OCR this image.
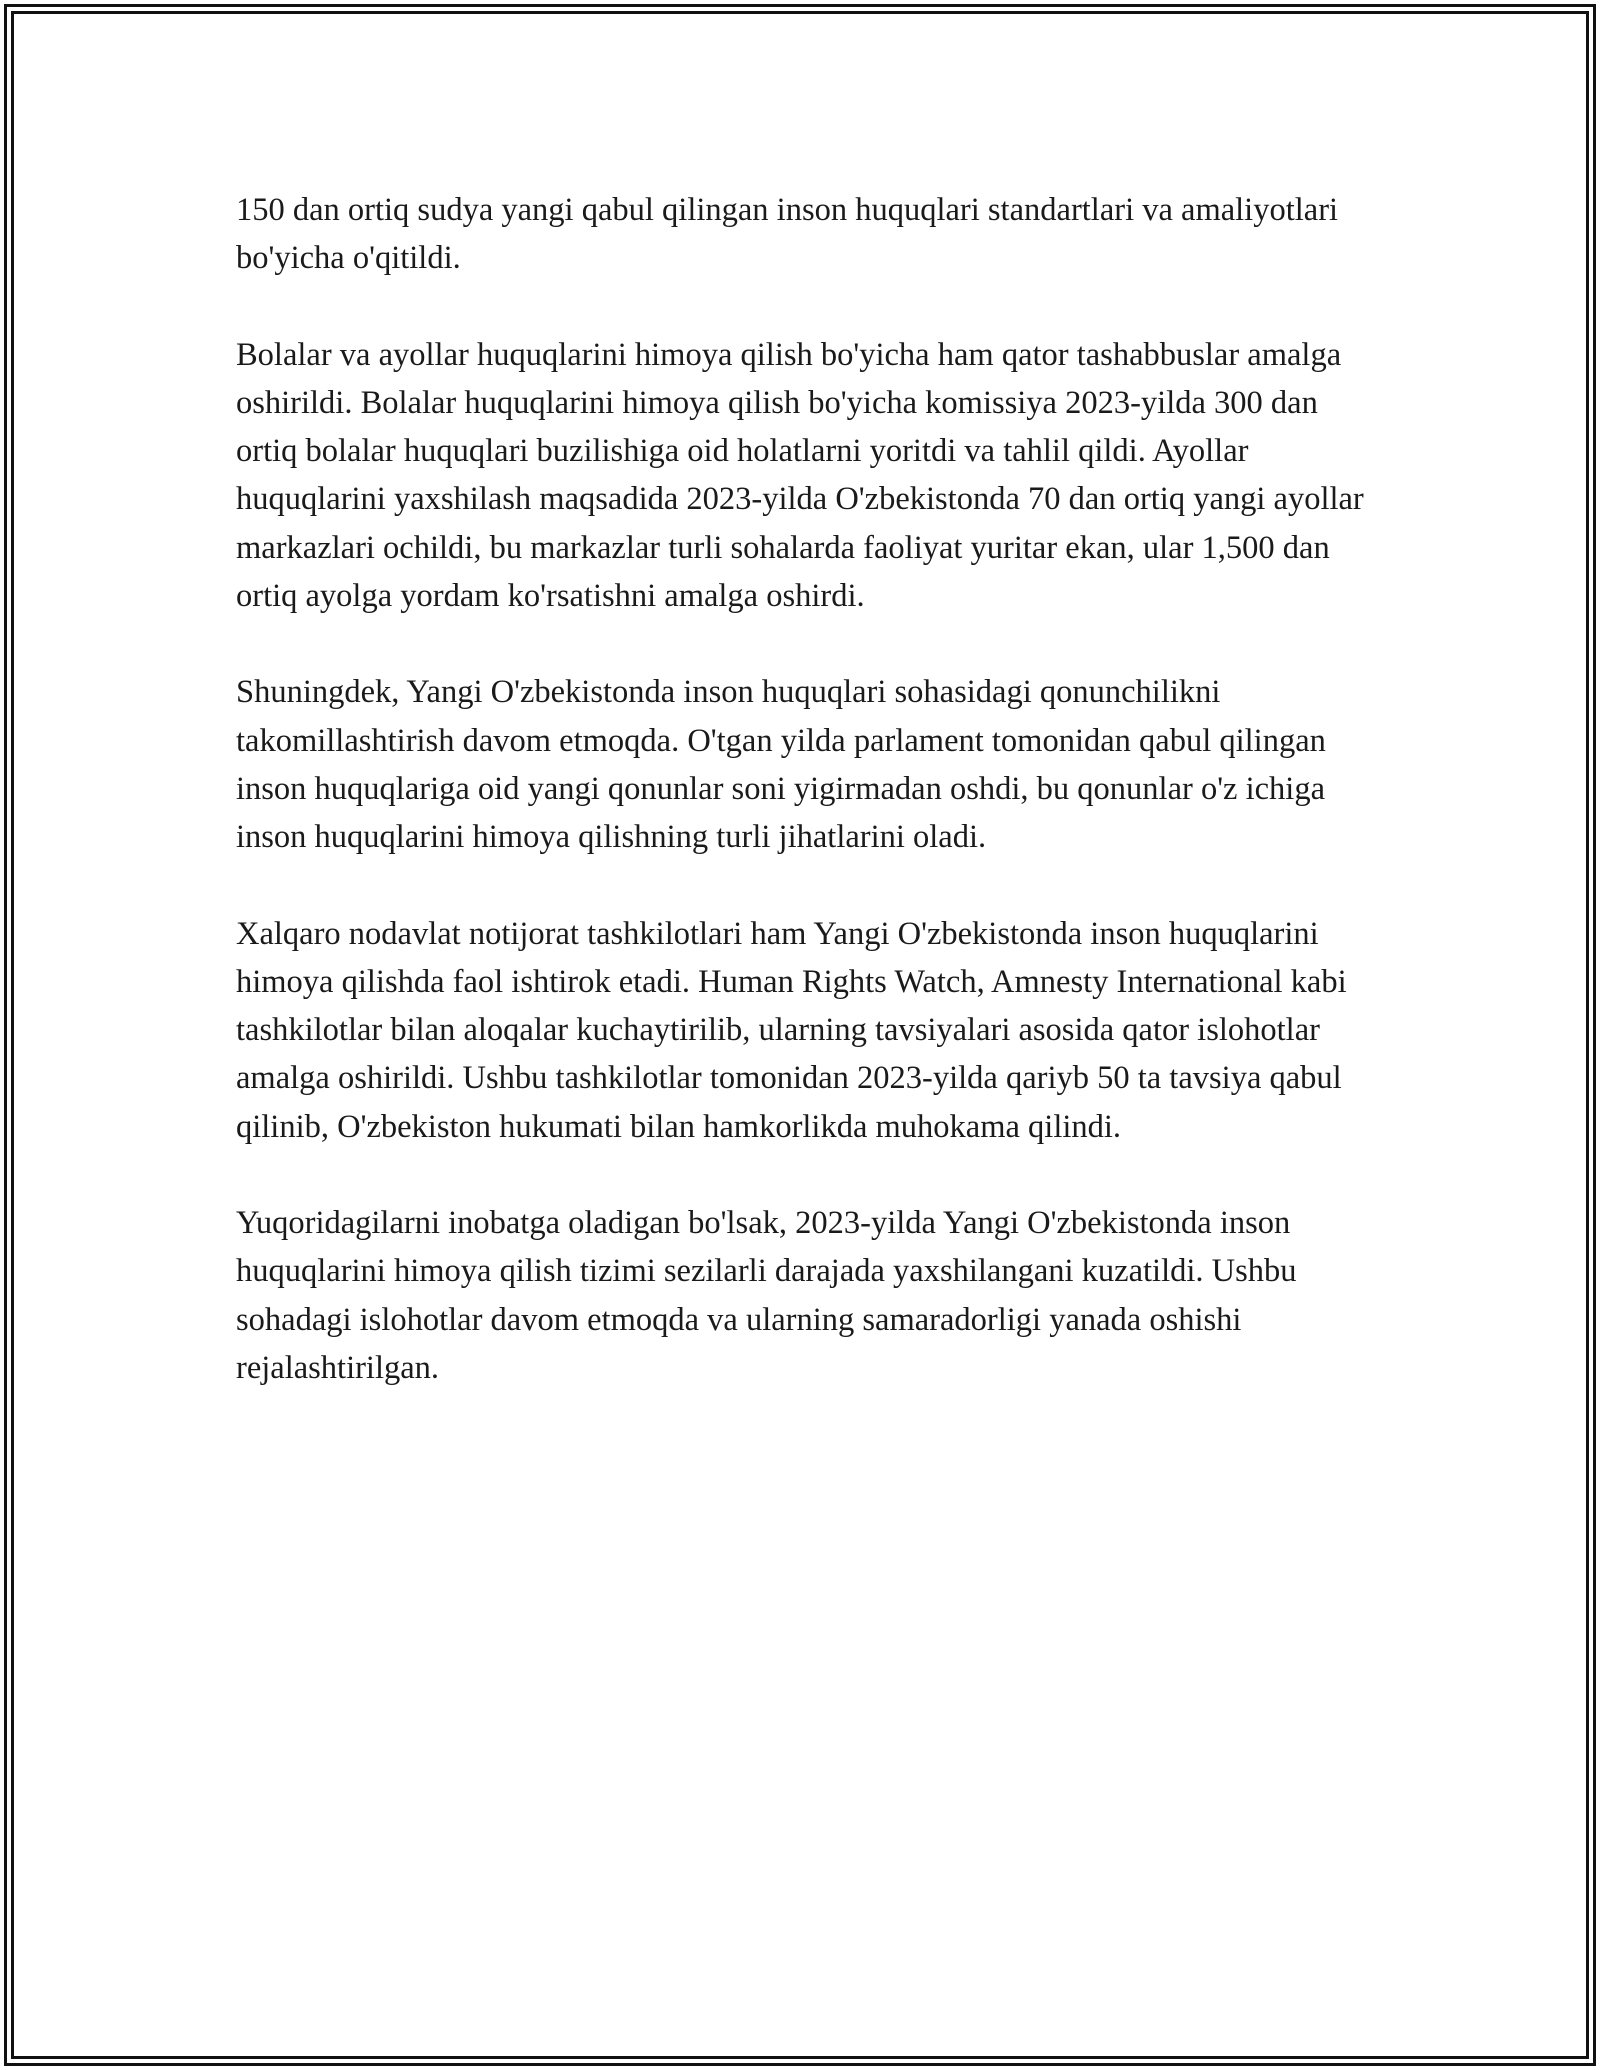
150 dan ortiq sudya yangi qabul qilingan inson huquqlari standartlari va amaliyotlari bo'yicha o'qitildi.

Bolalar va ayollar huquqlarini himoya qilish bo'yicha ham qator tashabbuslar amalga oshirildi. Bolalar huquqlarini himoya qilish bo'yicha komissiya 2023-yilda 300 dan ortiq bolalar huquqlari buzilishiga oid holatlarni yoritdi va tahlil qildi. Ayollar huquqlarini yaxshilash maqsadida 2023-yilda O'zbekistonda 70 dan ortiq yangi ayollar markazlari ochildi, bu markazlar turli sohalarda faoliyat yuritar ekan, ular 1,500 dan ortiq ayolga yordam ko'rsatishni amalga oshirdi.

Shuningdek, Yangi O'zbekistonda inson huquqlari sohasidagi qonunchilikni takomillashtirish davom etmoqda. O'tgan yilda parlament tomonidan qabul qilingan inson huquqlariga oid yangi qonunlar soni yigirmadan oshdi, bu qonunlar o'z ichiga inson huquqlarini himoya qilishning turli jihatlarini oladi.

Xalqaro nodavlat notijorat tashkilotlari ham Yangi O'zbekistonda inson huquqlarini himoya qilishda faol ishtirok etadi. Human Rights Watch, Amnesty International kabi tashkilotlar bilan aloqalar kuchaytirilib, ularning tavsiyalari asosida qator islohotlar amalga oshirildi. Ushbu tashkilotlar tomonidan 2023-yilda qariyb 50 ta tavsiya qabul qilinib, O'zbekiston hukumati bilan hamkorlikda muhokama qilindi.

Yuqoridagilarni inobatga oladigan bo'lsak, 2023-yilda Yangi O'zbekistonda inson huquqlarini himoya qilish tizimi sezilarli darajada yaxshilangani kuzatildi. Ushbu sohadagi islohotlar davom etmoqda va ularning samaradorligi yanada oshishi rejalashtirilgan.
